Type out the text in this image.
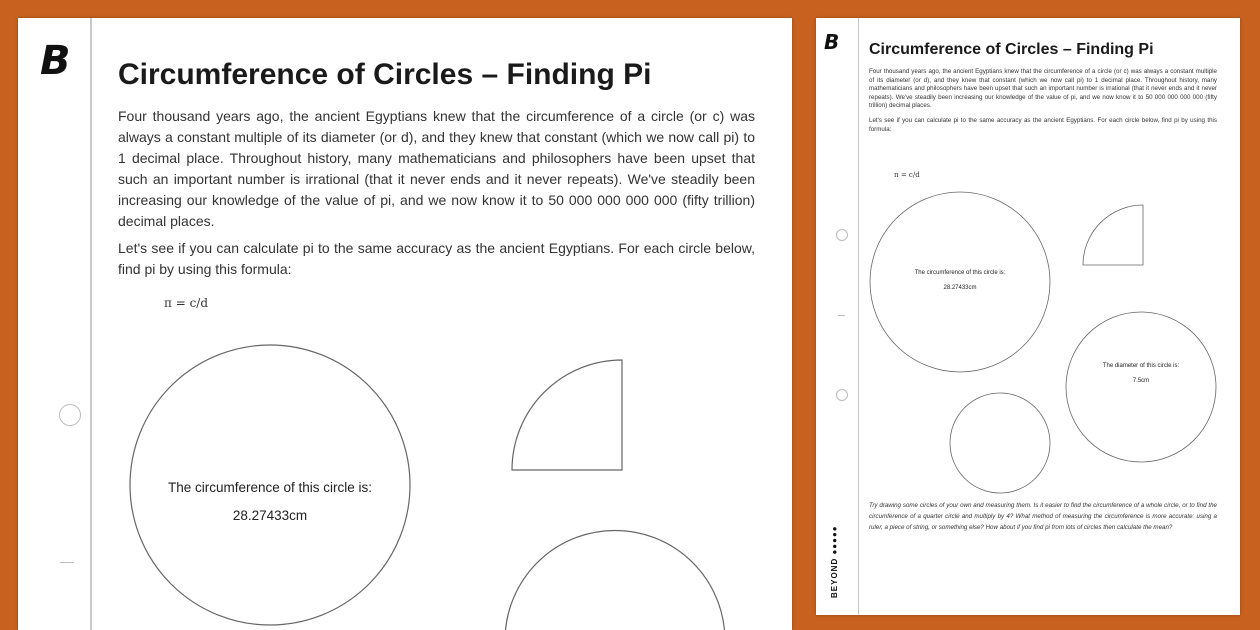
B Circumference of Circles – Finding Pi

Four thousand years ago, the ancient Egyptians knew that the circumference of a circle (or c) was always a constant multiple of its diameter (or d), and they knew that constant (which we now call pi) to 1 decimal place. Throughout history, many mathematicians and philosophers have been upset that such an important number is irrational (that it never ends and it never repeats). We've steadily been increasing our knowledge of the value of pi, and we now know it to 50 000 000 000 000 (fifty trillion) decimal places.

Let's see if you can calculate pi to the same accuracy as the ancient Egyptians. For each circle below, find pi by using this formula:

π = c/d
The circumference of this circle is:
28.27433cm
B
BEYOND ●●●●●
Circumference of Circles – Finding Pi

Four thousand years ago, the ancient Egyptians knew that the circumference of a circle (or c) was always a constant multiple of its diameter (or d), and they knew that constant (which we now call pi) to 1 decimal place. Throughout history, many mathematicians and philosophers have been upset that such an important number is irrational (that it never ends and it never repeats). We've steadily been increasing our knowledge of the value of pi, and we now know it to 50 000 000 000 000 (fifty trillion) decimal places.

Let's see if you can calculate pi to the same accuracy as the ancient Egyptians. For each circle below, find pi by using this formula:

π = c/d
The circumference of this circle is:
28.27433cm
The diameter of this circle is:
7.5cm
Try drawing some circles of your own and measuring them. Is it easier to find the circumference of a whole circle, or to find the circumference of a quarter circle and multiply by 4? What method of measuring the circumference is more accurate: using a ruler, a piece of string, or something else? How about if you find pi from lots of circles then calculate the mean?
